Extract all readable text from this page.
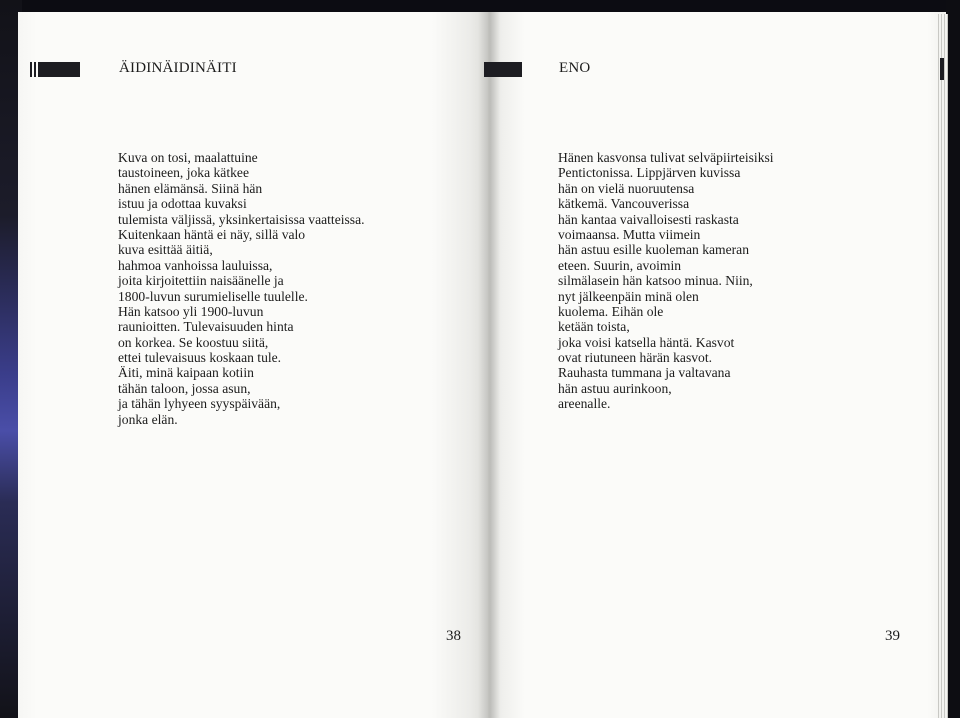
ÄIDINÄIDINÄITI	ENO
Kuva on tosi, maalattuine
taustoineen, joka kätkee
hänen elämänsä. Siinä hän
istuu ja odottaa kuvaksi
tulemista väljissä, yksinkertaisissa vaatteissa.
Kuitenkaan häntä ei näy, sillä valo
kuva esittää äitiä,
hahmoa vanhoissa lauluissa,
joita kirjoitettiin naisäänelle ja
1800-luvun surumieliselle tuulelle.
Hän katsoo yli 1900-luvun
raunioitten. Tulevaisuuden hinta
on korkea. Se koostuu siitä,
ettei tulevaisuus koskaan tule.
Äiti, minä kaipaan kotiin
tähän taloon, jossa asun,
ja tähän lyhyeen syyspäivään,
jonka elän.
Hänen kasvonsa tulivat selväpiirteisiksi
Pentictonissa. Lippjärven kuvissa
hän on vielä nuoruutensa
kätkemä. Vancouverissa
hän kantaa vaivalloisesti raskasta
voimaansa. Mutta viimein
hän astuu esille kuoleman kameran
eteen. Suurin, avoimin
silmälasein hän katsoo minua. Niin,
nyt jälkeenpäin minä olen
kuolema. Eihän ole
ketään toista,
joka voisi katsella häntä. Kasvot
ovat riutuneen härän kasvot.
Rauhasta tummana ja valtavana
hän astuu aurinkoon,
areenalle.
38	39
